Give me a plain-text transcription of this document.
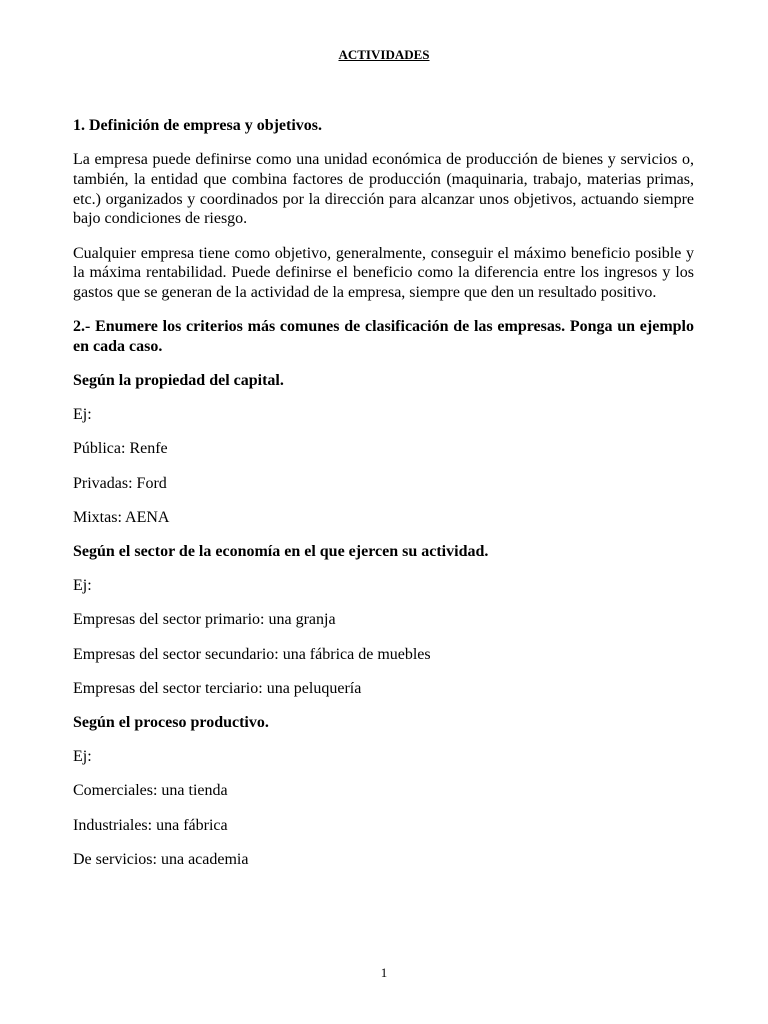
ACTIVIDADES

1. Definición de empresa y objetivos.

La empresa puede definirse como una unidad económica de producción de bienes y servicios o, también, la entidad que combina factores de producción (maquinaria, trabajo, materias primas, etc.) organizados y coordinados por la dirección para alcanzar unos objetivos, actuando siempre bajo condiciones de riesgo.

Cualquier empresa tiene como objetivo, generalmente, conseguir el máximo beneficio posible y la máxima rentabilidad. Puede definirse el beneficio como la diferencia entre los ingresos y los gastos que se generan de la actividad de la empresa, siempre que den un resultado positivo.

2.- Enumere los criterios más comunes de clasificación de las empresas. Ponga un ejemplo en cada caso.

Según la propiedad del capital.

Ej:

Pública: Renfe

Privadas: Ford

Mixtas: AENA

Según el sector de la economía en el que ejercen su actividad.

Ej:

Empresas del sector primario: una granja

Empresas del sector secundario: una fábrica de muebles

Empresas del sector terciario: una peluquería

Según el proceso productivo.

Ej:

Comerciales: una tienda

Industriales: una fábrica

De servicios: una academia

1
